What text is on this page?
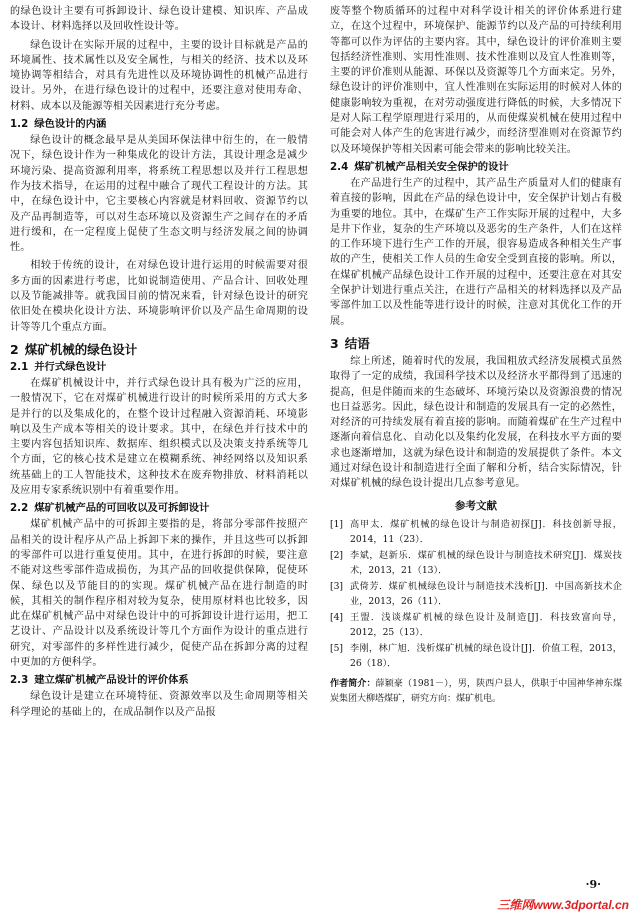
的绿色设计主要有可拆卸设计、绿色设计建模、知识库、产品成本设计、材料选择以及回收性设计等。

绿色设计在实际开展的过程中，主要的设计目标就是产品的环境属性、技术属性以及安全属性，与相关的经济、技术以及环境协调等相结合，对具有先进性以及环境协调性的机械产品进行设计。另外，在进行绿色设计的过程中，还要注意对使用寿命、材料、成本以及能源等相关因素进行充分考虑。

1.2 绿色设计的内涵

绿色设计的概念最早是从美国环保法律中衍生的，在一般情况下，绿色设计作为一种集成化的设计方法，其设计理念是减少环境污染、提高资源利用率，将系统工程思想以及并行工程思想作为技术指导，在运用的过程中融合了现代工程设计的方法。其中，在绿色设计中，它主要核心内容就是材料回收、资源节约以及产品再制造等，可以对生态环境以及资源生产之间存在的矛盾进行缓和，在一定程度上促使了生态文明与经济发展之间的协调性。

相较于传统的设计，在对绿色设计进行运用的时候需要对很多方面的因素进行考虑，比如说制造使用、产品合计、回收处理以及节能减排等。就我国目前的情况来看，针对绿色设计的研究依旧处在模块化设计方法、环境影响评价以及产品生命周期的设计等等几个重点方面。

2 煤矿机械的绿色设计
2.1 并行式绿色设计

在煤矿机械设计中，并行式绿色设计具有极为广泛的应用，一般情况下，它在对煤矿机械进行设计的时候所采用的方式大多是并行的以及集成化的，在整个设计过程融入资源消耗、环境影响以及生产成本等相关的设计要求。其中，在绿色并行技术中的主要内容包括知识库、数据库、组织模式以及决策支持系统等几个方面，它的核心技术是建立在模糊系统、神经网络以及知识系统基础上的工人智能技术，这种技术在废弃物排放、材料消耗以及应用专家系统识别中有着重要作用。

2.2 煤矿机械产品的可回收以及可拆卸设计

煤矿机械产品中的可拆卸主要指的是，将部分零部件按照产品相关的设计程序从产品上拆卸下来的操作，并且这些可以拆卸的零部件可以进行重复使用。其中，在进行拆卸的时候，要注意不能对这些零部件造成损伤，为其产品的回收提供保障，促使环保、绿色以及节能目的的实现。煤矿机械产品在进行制造的时候，其相关的制作程序相对较为复杂，使用原材料也比较多，因此在煤矿机械产品中对绿色设计中的可拆卸设计进行运用，把工艺设计、产品设计以及系统设计等几个方面作为设计的重点进行研究，对零部件的多样性进行减少，促使产品在拆卸分离的过程中更加的方便科学。

2.3 建立煤矿机械产品设计的评价体系

绿色设计是建立在环境特征、资源效率以及生命周期等相关科学理论的基础上的，在成品制作以及产品报

废等整个物质循环的过程中对科学设计相关的评价体系进行建立，在这个过程中，环境保护、能源节约以及产品的可持续利用等都可以作为评估的主要内容。其中，绿色设计的评价准则主要包括经济性准则、实用性准则、技术性准则以及宜人性准则等，主要的评价准则从能源、环保以及资源等几个方面来定。另外，绿色设计的评价准则中，宜人性准则在实际运用的时候对人体的健康影响较为重视，在对劳动强度进行降低的时候，大多情况下是对人际工程学原理进行采用的，从而使煤炭机械在使用过程中可能会对人体产生的危害进行减少，而经济型准则对在资源节约以及环境保护等相关因素可能会带来的影响比较关注。

2.4 煤矿机械产品相关安全保护的设计

在产品进行生产的过程中，其产品生产质量对人们的健康有着直接的影响，因此在产品的绿色设计中，安全保护计划占有极为重要的地位。其中，在煤矿生产工作实际开展的过程中，大多是井下作业，复杂的生产环境以及恶劣的生产条件，人们在这样的工作环境下进行生产工作的开展，很容易造成各种相关生产事故的产生，使相关工作人员的生命安全受到直接的影响。所以，在煤矿机械产品绿色设计工作开展的过程中，还要注意在对其安全保护计划进行重点关注，在进行产品相关的材料选择以及产品零部件加工以及性能等进行设计的时候，注意对其优化工作的开展。

3 结语

综上所述，随着时代的发展，我国粗放式经济发展模式虽然取得了一定的成绩，我国科学技术以及经济水平都得到了迅速的提高，但是伴随而来的生态破坏、环境污染以及资源浪费的情况也日益恶劣。因此，绿色设计和制造的发展具有一定的必然性，对经济的可持续发展有着直接的影响。而随着煤矿在生产过程中逐渐向着信息化、自动化以及集约化发展，在科技水平方面的要求也逐渐增加，这就为绿色设计和制造的发展提供了条件。本文通过对绿色设计和制造进行全面了解和分析，结合实际情况，针对煤矿机械的绿色设计提出几点参考意见。

参考文献
[1] 高甲太．煤矿机械的绿色设计与制造初探[J]．科技创新导报，2014，11（23）．
[2] 李斌，赵新乐．煤矿机械的绿色设计与制造技术研究[J]．煤炭技术，2013，21（13）．
[3] 武倚芳．煤矿机械绿色设计与制造技术浅析[J]．中国高新技术企业，2013，26（11）．
[4] 王盟．浅谈煤矿机械的绿色设计及制造[J]．科技致富向导，2012，25（13）．
[5] 李刚，林广旭．浅析煤矿机械的绿色设计[J]．价值工程，2013，26（18）．
作者简介：薛颖豪（1981－），男，陕西户县人，供职于中国神华神东煤炭集团大柳塔煤矿，研究方向：煤矿机电。
·9·
三维网www.3dportal.cn
